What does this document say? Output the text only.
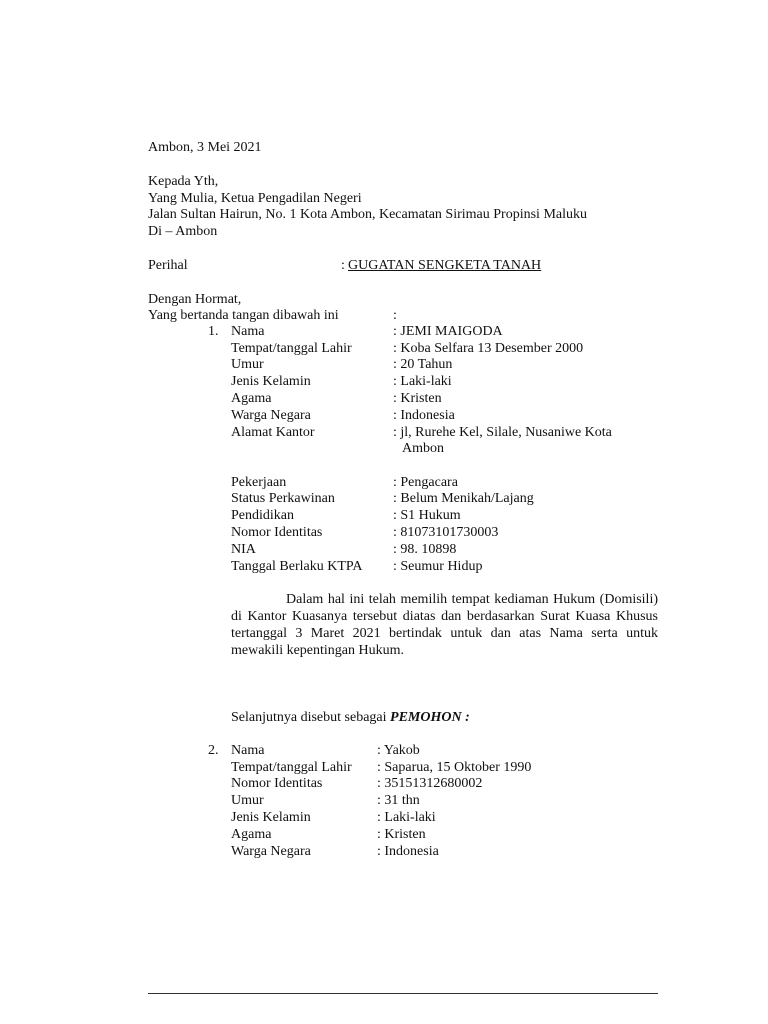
Ambon, 3 Mei 2021
Kepada Yth,
Yang Mulia, Ketua Pengadilan Negeri
Jalan Sultan Hairun, No. 1 Kota Ambon, Kecamatan Sirimau Propinsi Maluku
Di – Ambon
Perihal	: GUGATAN SENGKETA TANAH
Dengan Hormat,
Yang bertanda tangan dibawah ini	:
1. Nama	: JEMI MAIGODA
Tempat/tanggal Lahir	: Koba Selfara 13 Desember 2000
Umur	: 20 Tahun
Jenis Kelamin	: Laki-laki
Agama	: Kristen
Warga Negara	: Indonesia
Alamat Kantor	: jl, Rurehe Kel, Silale, Nusaniwe Kota
Ambon
Pekerjaan	: Pengacara
Status Perkawinan	: Belum Menikah/Lajang
Pendidikan	: S1 Hukum
Nomor Identitas	: 81073101730003
NIA	: 98. 10898
Tanggal Berlaku KTPA : Seumur Hidup
Dalam hal ini telah memilih tempat kediaman Hukum (Domisili) di Kantor Kuasanya tersebut diatas dan berdasarkan Surat Kuasa Khusus tertanggal 3 Maret 2021 bertindak untuk dan atas Nama serta untuk mewakili kepentingan Hukum.
Selanjutnya disebut sebagai PEMOHON :
2. Nama	: Yakob
Tempat/tanggal Lahir : Saparua, 15 Oktober 1990
Nomor Identitas	: 35151312680002
Umur	: 31 thn
Jenis Kelamin	: Laki-laki
Agama	: Kristen
Warga Negara	: Indonesia
